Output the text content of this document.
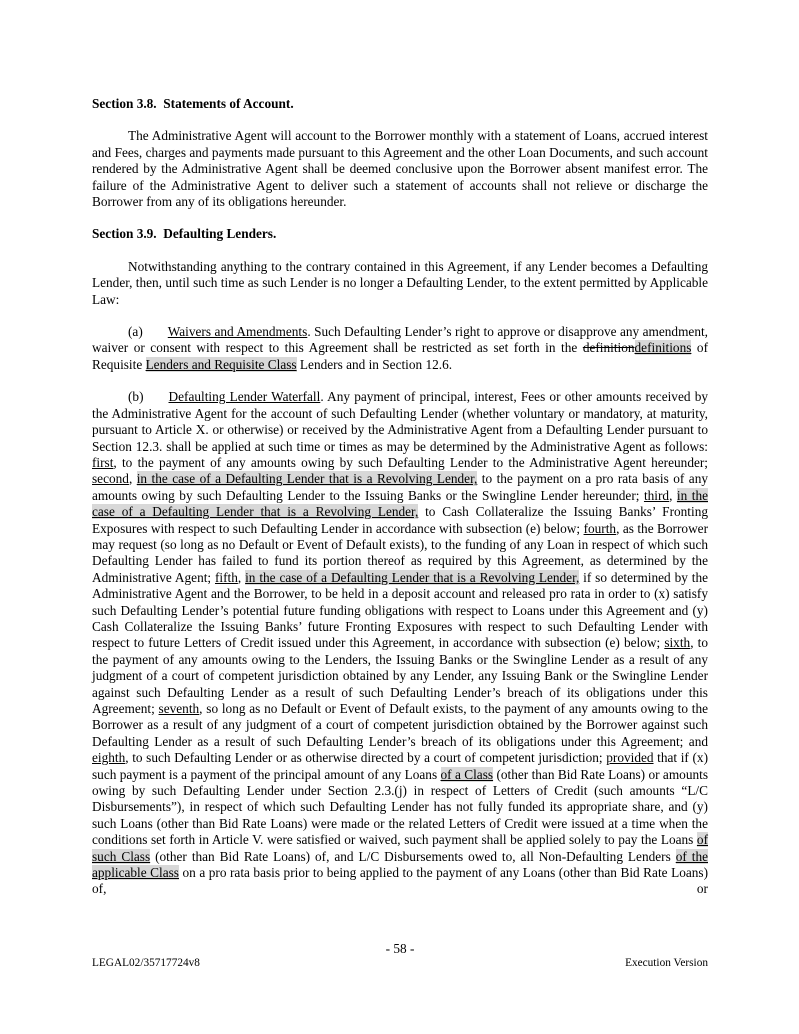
Section 3.8.  Statements of Account.

The Administrative Agent will account to the Borrower monthly with a statement of Loans, accrued interest and Fees, charges and payments made pursuant to this Agreement and the other Loan Documents, and such account rendered by the Administrative Agent shall be deemed conclusive upon the Borrower absent manifest error. The failure of the Administrative Agent to deliver such a statement of accounts shall not relieve or discharge the Borrower from any of its obligations hereunder.

Section 3.9.  Defaulting Lenders.

Notwithstanding anything to the contrary contained in this Agreement, if any Lender becomes a Defaulting Lender, then, until such time as such Lender is no longer a Defaulting Lender, to the extent permitted by Applicable Law:

(a) Waivers and Amendments. Such Defaulting Lender’s right to approve or disapprove any amendment, waiver or consent with respect to this Agreement shall be restricted as set forth in the definitiondefinitions of Requisite Lenders and Requisite Class Lenders and in Section 12.6.

(b) Defaulting Lender Waterfall. Any payment of principal, interest, Fees or other amounts received by the Administrative Agent for the account of such Defaulting Lender (whether voluntary or mandatory, at maturity, pursuant to Article X. or otherwise) or received by the Administrative Agent from a Defaulting Lender pursuant to Section 12.3. shall be applied at such time or times as may be determined by the Administrative Agent as follows: first, to the payment of any amounts owing by such Defaulting Lender to the Administrative Agent hereunder; second, in the case of a Defaulting Lender that is a Revolving Lender, to the payment on a pro rata basis of any amounts owing by such Defaulting Lender to the Issuing Banks or the Swingline Lender hereunder; third, in the case of a Defaulting Lender that is a Revolving Lender, to Cash Collateralize the Issuing Banks’ Fronting Exposures with respect to such Defaulting Lender in accordance with subsection (e) below; fourth, as the Borrower may request (so long as no Default or Event of Default exists), to the funding of any Loan in respect of which such Defaulting Lender has failed to fund its portion thereof as required by this Agreement, as determined by the Administrative Agent; fifth, in the case of a Defaulting Lender that is a Revolving Lender, if so determined by the Administrative Agent and the Borrower, to be held in a deposit account and released pro rata in order to (x) satisfy such Defaulting Lender’s potential future funding obligations with respect to Loans under this Agreement and (y) Cash Collateralize the Issuing Banks’ future Fronting Exposures with respect to such Defaulting Lender with respect to future Letters of Credit issued under this Agreement, in accordance with subsection (e) below; sixth, to the payment of any amounts owing to the Lenders, the Issuing Banks or the Swingline Lender as a result of any judgment of a court of competent jurisdiction obtained by any Lender, any Issuing Bank or the Swingline Lender against such Defaulting Lender as a result of such Defaulting Lender’s breach of its obligations under this Agreement; seventh, so long as no Default or Event of Default exists, to the payment of any amounts owing to the Borrower as a result of any judgment of a court of competent jurisdiction obtained by the Borrower against such Defaulting Lender as a result of such Defaulting Lender’s breach of its obligations under this Agreement; and eighth, to such Defaulting Lender or as otherwise directed by a court of competent jurisdiction; provided that if (x) such payment is a payment of the principal amount of any Loans of a Class (other than Bid Rate Loans) or amounts owing by such Defaulting Lender under Section 2.3.(j) in respect of Letters of Credit (such amounts “L/C Disbursements”), in respect of which such Defaulting Lender has not fully funded its appropriate share, and (y) such Loans (other than Bid Rate Loans) were made or the related Letters of Credit were issued at a time when the conditions set forth in Article V. were satisfied or waived, such payment shall be applied solely to pay the Loans of such Class (other than Bid Rate Loans) of, and L/C Disbursements owed to, all Non-Defaulting Lenders of the applicable Class on a pro rata basis prior to being applied to the payment of any Loans (other than Bid Rate Loans) of, or

- 58 -
LEGAL02/35717724v8	Execution Version
